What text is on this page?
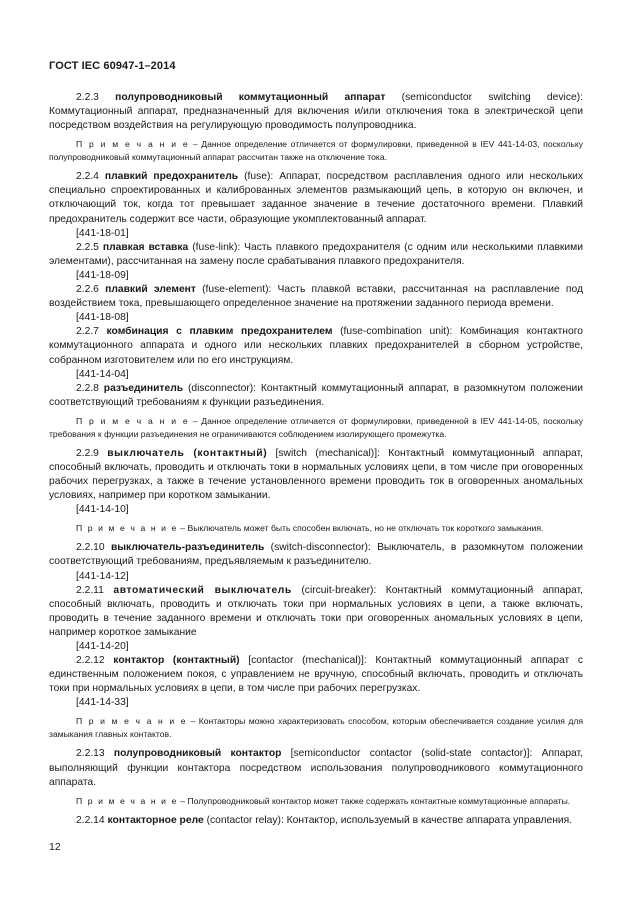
ГОСТ IEC 60947-1–2014

2.2.3 полупроводниковый коммутационный аппарат (semiconductor switching device): Коммутационный аппарат, предназначенный для включения и/или отключения тока в электрической цепи посредством воздействия на регулирующую проводимость полупроводника.

П р и м е ч а н и е – Данное определение отличается от формулировки, приведенной в IEV 441-14-03, поскольку полупроводниковый коммутационный аппарат рассчитан также на отключение тока.

2.2.4 плавкий предохранитель (fuse): Аппарат, посредством расплавления одного или нескольких специально спроектированных и калиброванных элементов размыкающий цепь, в которую он включен, и отключающий ток, когда тот превышает заданное значение в течение достаточного времени. Плавкий предохранитель содержит все части, образующие укомплектованный аппарат.

[441-18-01]

2.2.5 плавкая вставка (fuse-link): Часть плавкого предохранителя (с одним или несколькими плавкими элементами), рассчитанная на замену после срабатывания плавкого предохранителя.

[441-18-09]

2.2.6 плавкий элемент (fuse-element): Часть плавкой вставки, рассчитанная на расплавление под воздействием тока, превышающего определенное значение на протяжении заданного периода времени.

[441-18-08]

2.2.7 комбинация с плавким предохранителем (fuse-combination unit): Комбинация контактного коммутационного аппарата и одного или нескольких плавких предохранителей в сборном устройстве, собранном изготовителем или по его инструкциям.

[441-14-04]

2.2.8 разъединитель (disconnector): Контактный коммутационный аппарат, в разомкнутом положении соответствующий требованиям к функции разъединения.

П р и м е ч а н и е – Данное определение отличается от формулировки, приведенной в IEV 441-14-05, поскольку требования к функции разъединения не ограничиваются соблюдением изолирующего промежутка.

2.2.9 выключатель (контактный) [switch (mechanical)]: Контактный коммутационный аппарат, способный включать, проводить и отключать токи в нормальных условиях цепи, в том числе при оговоренных рабочих перегрузках, а также в течение установленного времени проводить ток в оговоренных аномальных условиях, например при коротком замыкании.

[441-14-10]

П р и м е ч а н и е – Выключатель может быть способен включать, но не отключать ток короткого замыкания.

2.2.10 выключатель-разъединитель (switch-disconnector): Выключатель, в разомкнутом положении соответствующий требованиям, предъявляемым к разъединителю.

[441-14-12]

2.2.11 автоматический выключатель (circuit-breaker): Контактный коммутационный аппарат, способный включать, проводить и отключать токи при нормальных условиях в цепи, а также включать, проводить в течение заданного времени и отключать токи при оговоренных аномальных условиях в цепи, например короткое замыкание

[441-14-20]

2.2.12 контактор (контактный) [contactor (mechanical)]: Контактный коммутационный аппарат с единственным положением покоя, с управлением не вручную, способный включать, проводить и отключать токи при нормальных условиях в цепи, в том числе при рабочих перегрузках.

[441-14-33]

П р и м е ч а н и е – Контакторы можно характеризовать способом, которым обеспечивается создание усилия для замыкания главных контактов.

2.2.13 полупроводниковый контактор [semiconductor contactor (solid-state contactor)]: Аппарат, выполняющий функции контактора посредством использования полупроводникового коммутационного аппарата.

П р и м е ч а н и е – Полупроводниковый контактор может также содержать контактные коммутационные аппараты.

2.2.14 контакторное реле (contactor relay): Контактор, используемый в качестве аппарата управления.

12
